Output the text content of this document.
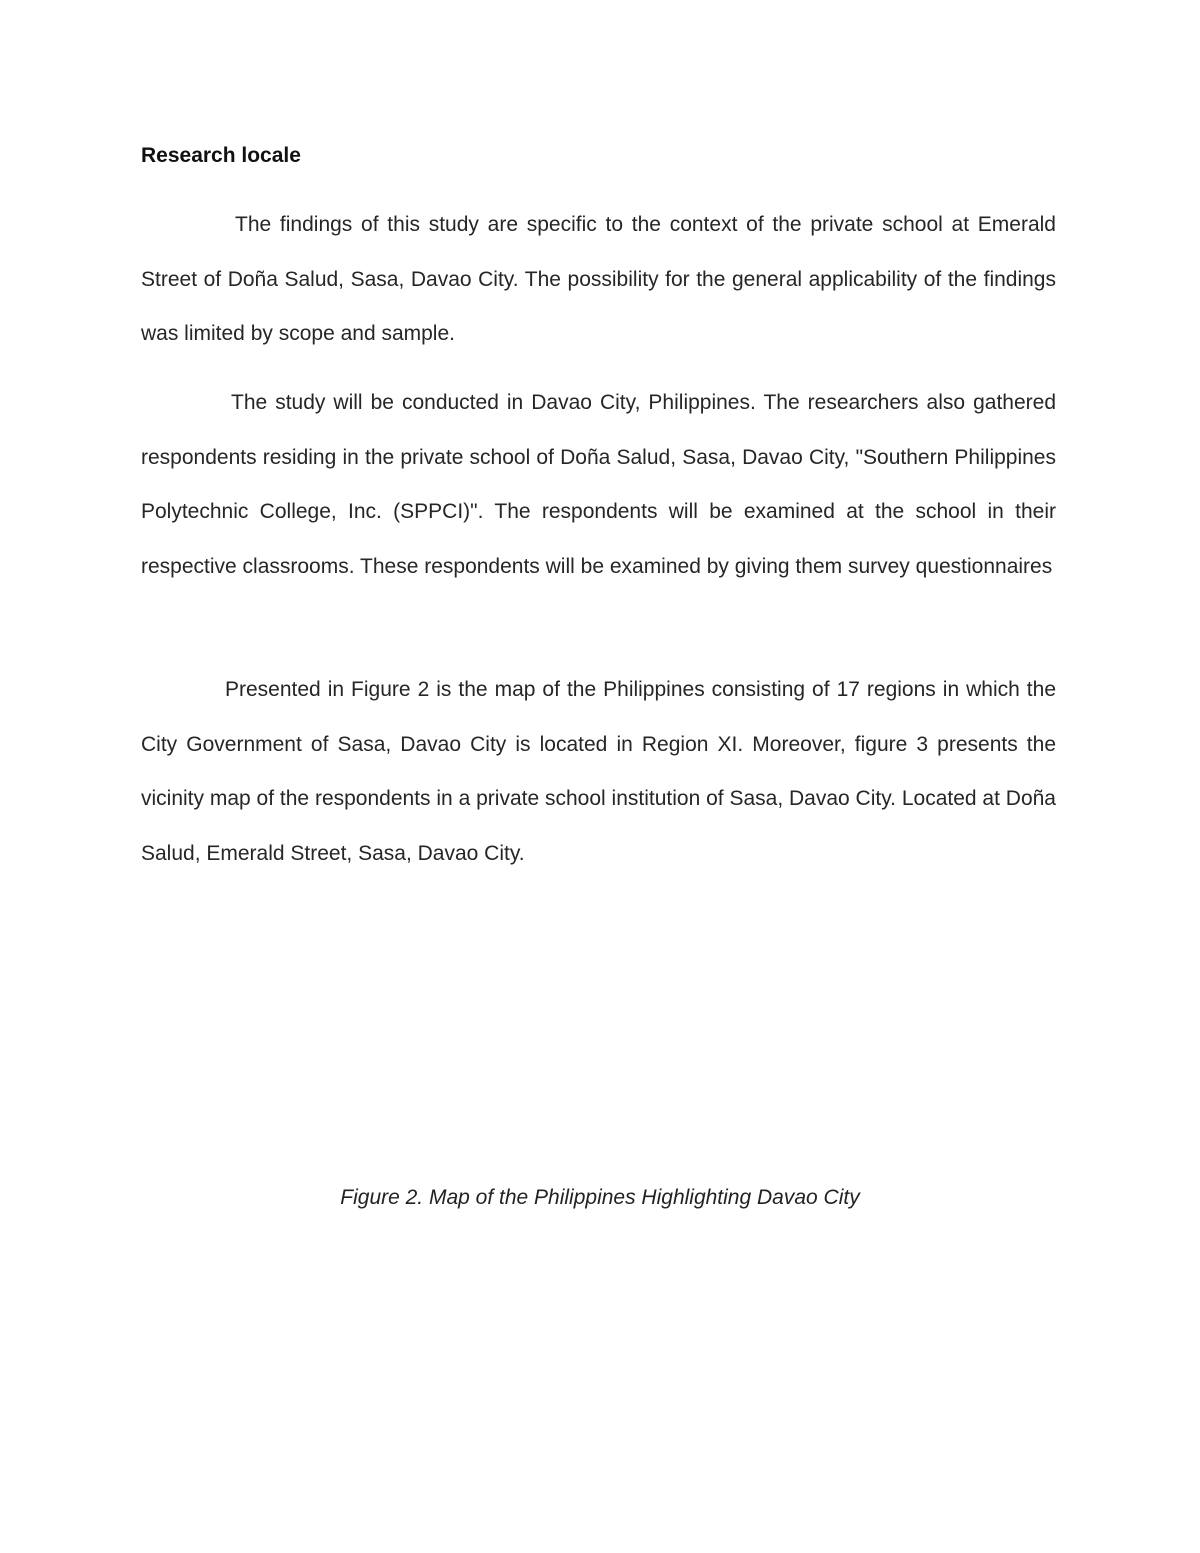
Research locale

The findings of this study are specific to the context of the private school at Emerald Street of Doña Salud, Sasa, Davao City. The possibility for the general applicability of the findings was limited by scope and sample.

The study will be conducted in Davao City, Philippines. The researchers also gathered respondents residing in the private school of Doña Salud, Sasa, Davao City, "Southern Philippines Polytechnic College, Inc. (SPPCI)". The respondents will be examined at the school in their respective classrooms. These respondents will be examined by giving them survey questionnaires

Presented in Figure 2 is the map of the Philippines consisting of 17 regions in which the City Government of Sasa, Davao City is located in Region XI. Moreover, figure 3 presents the vicinity map of the respondents in a private school institution of Sasa, Davao City. Located at Doña Salud, Emerald Street, Sasa, Davao City.

Figure 2. Map of the Philippines Highlighting Davao City
